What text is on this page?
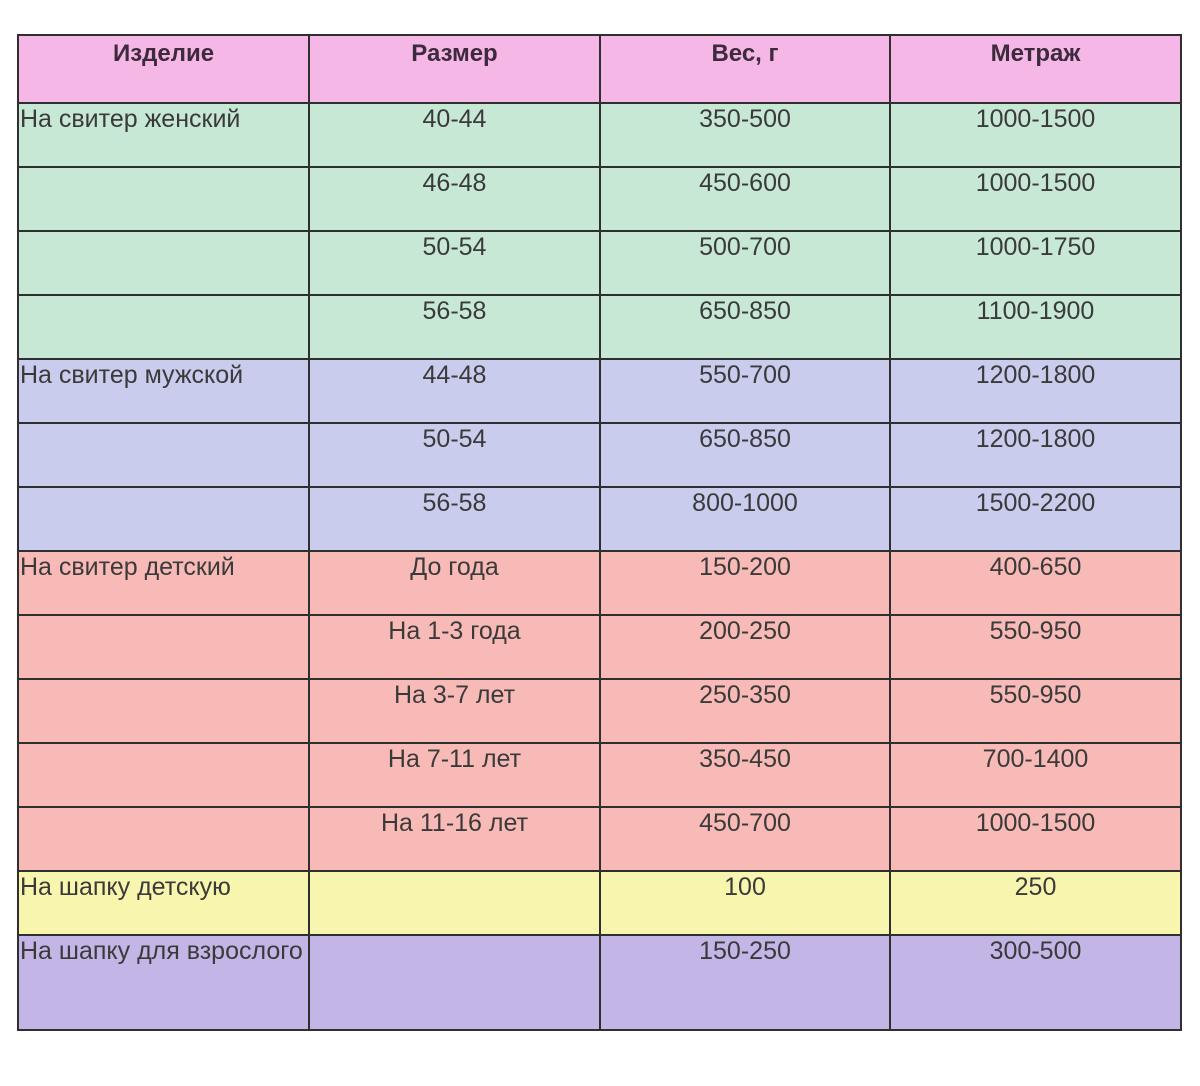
Изделие	Размер	Вес, г	Метраж
На свитер женский	40-44	350-500	1000-1500
	46-48	450-600	1000-1500
	50-54	500-700	1000-1750
	56-58	650-850	1100-1900
На свитер мужской	44-48	550-700	1200-1800
	50-54	650-850	1200-1800
	56-58	800-1000	1500-2200
На свитер детский	До года	150-200	400-650
	На 1-3 года	200-250	550-950
	На 3-7 лет	250-350	550-950
	На 7-11 лет	350-450	700-1400
	На 11-16 лет	450-700	1000-1500
На шапку детскую		100	250
На шапку для взрослого		150-250	300-500
